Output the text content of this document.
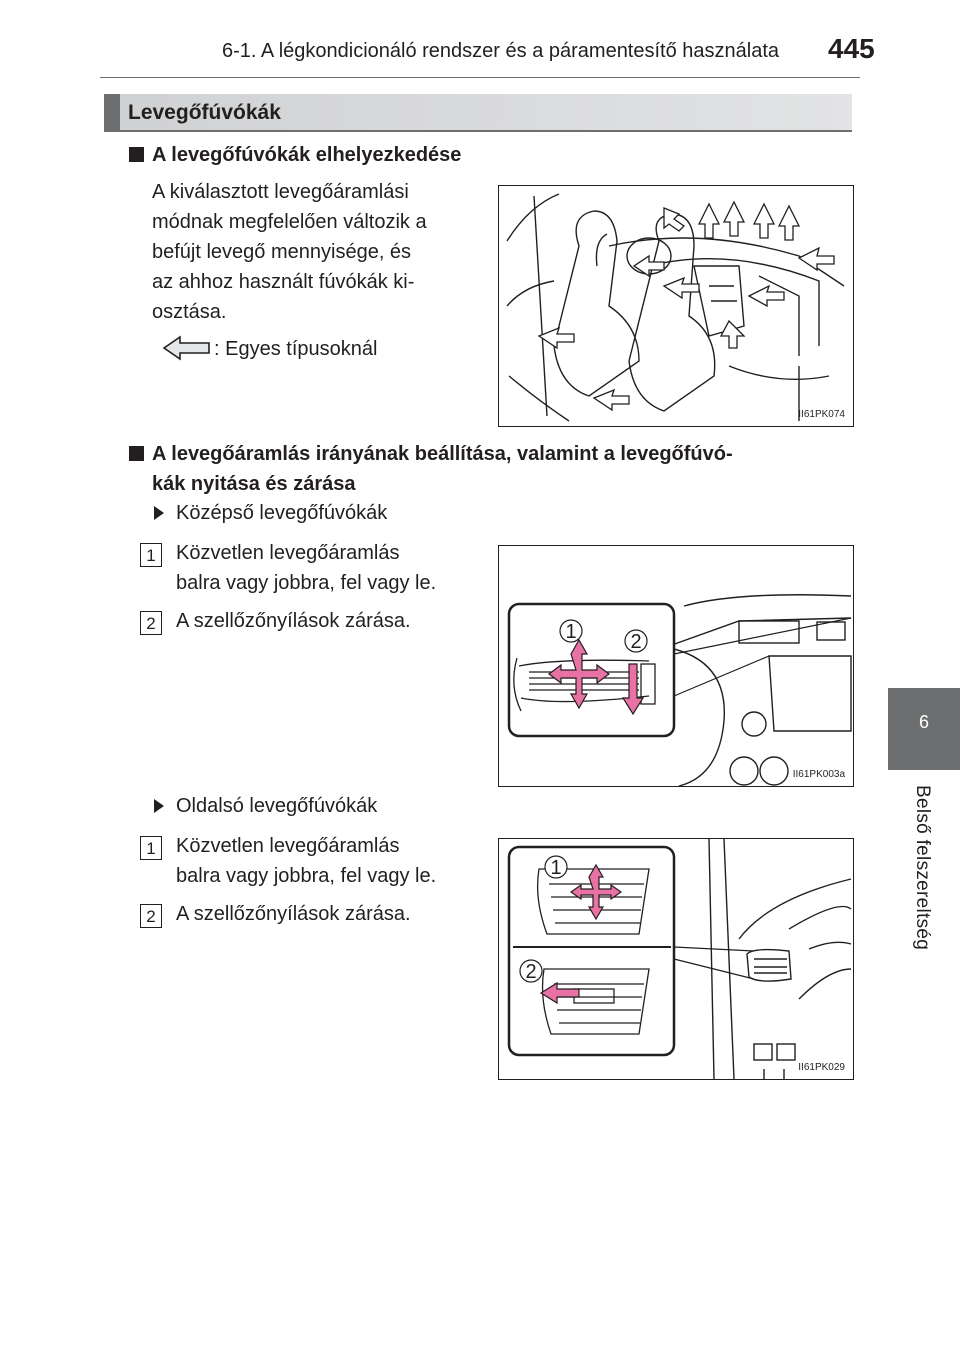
6-1. A légkondicionáló rendszer és a páramentesítő használata 445
6
Belső felszereltség
Levegőfúvókák
A levegőfúvókák elhelyezkedése
A kiválasztott levegőáramlási
módnak megfelelően változik a
befújt levegő mennyisége, és
az ahhoz használt fúvókák ki-
osztása.
: Egyes típusoknál
II61PK074
A levegőáramlás irányának beállítása, valamint a levegőfúvó-
kák nyitása és zárása
Középső levegőfúvókák
1	Közvetlen levegőáramlás
balra vagy jobbra, fel vagy le.
2	A szellőzőnyílások zárása.	1	2
II61PK003a
Oldalsó levegőfúvókák
1	Közvetlen levegőáramlás
balra vagy jobbra, fel vagy le.
2	A szellőzőnyílások zárása.
1
2
II61PK029
